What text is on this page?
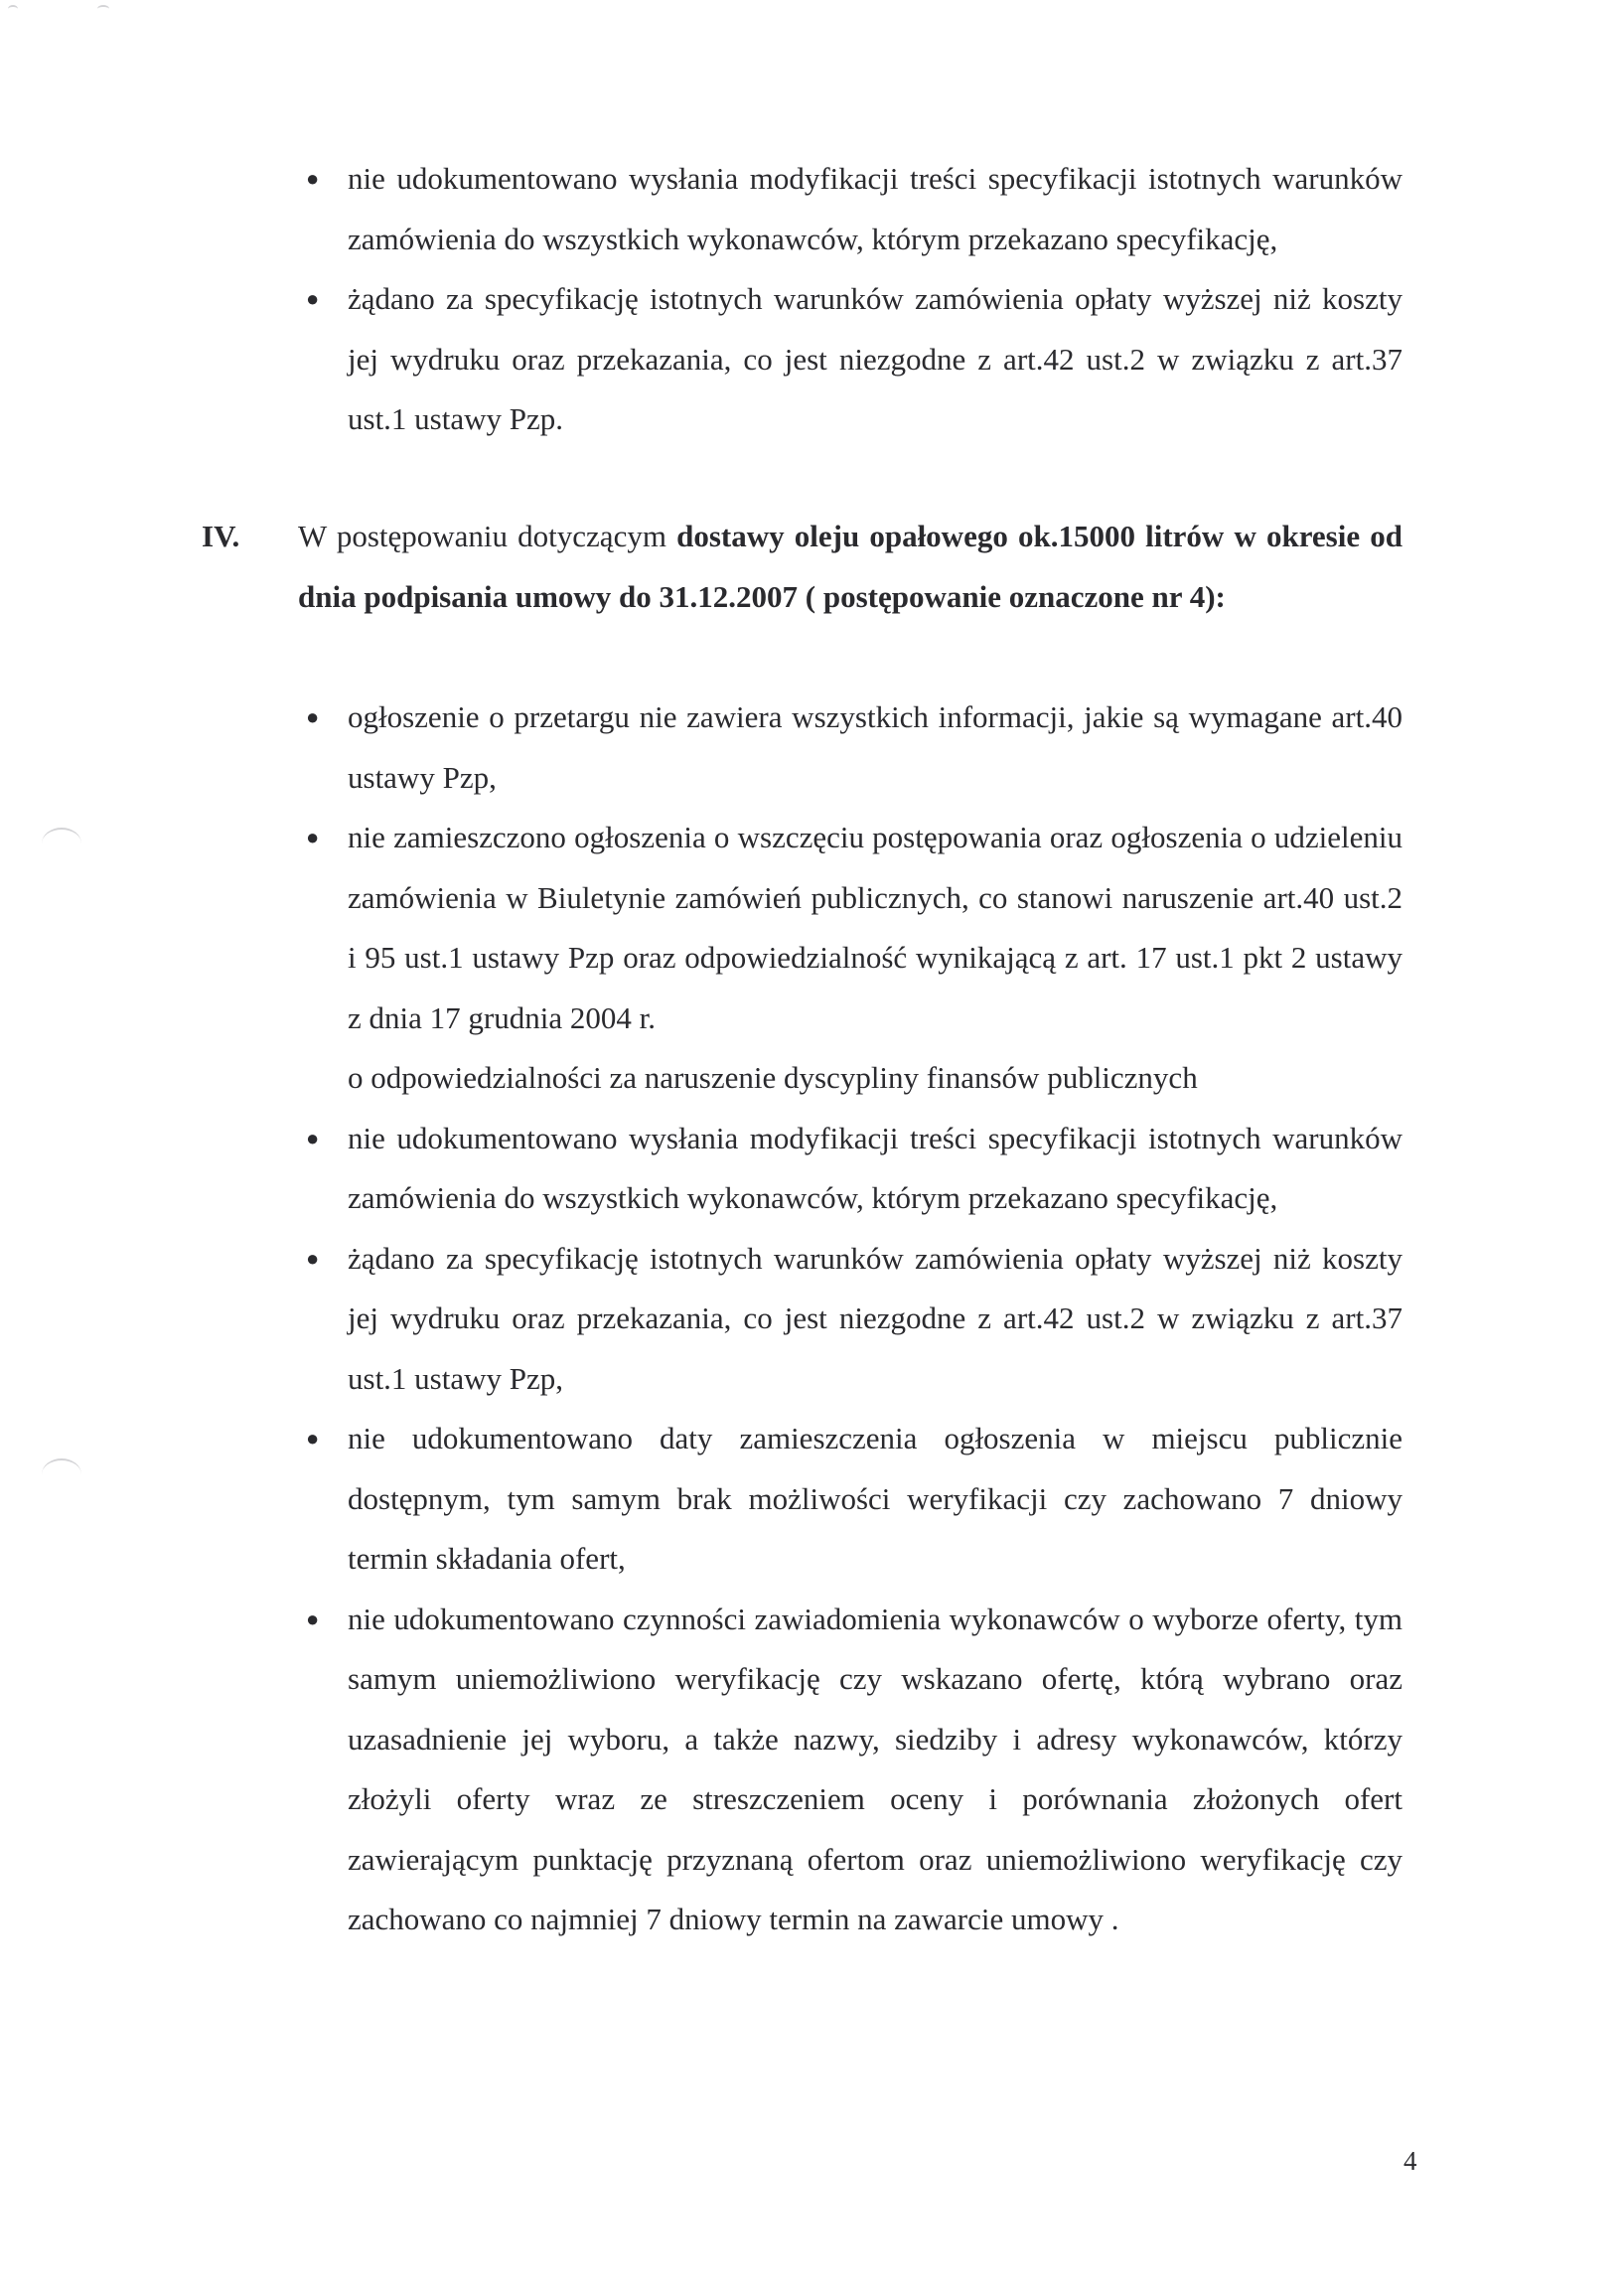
● nie udokumentowano wysłania modyfikacji treści specyfikacji istotnych warunków zamówienia do wszystkich wykonawców, którym przekazano specyfikację,

● żądano za specyfikację istotnych warunków zamówienia opłaty wyższej niż koszty jej wydruku oraz przekazania, co jest niezgodne z art.42 ust.2 w związku z art.37 ust.1 ustawy Pzp.

IV. W postępowaniu dotyczącym dostawy oleju opałowego ok.15000 litrów w okresie od dnia podpisania umowy do 31.12.2007 ( postępowanie oznaczone nr 4):

● ogłoszenie o przetargu nie zawiera wszystkich informacji, jakie są wymagane art.40 ustawy Pzp,

● nie zamieszczono ogłoszenia o wszczęciu postępowania oraz ogłoszenia o udzieleniu zamówienia w Biuletynie zamówień publicznych, co stanowi naruszenie art.40 ust.2 i 95 ust.1 ustawy Pzp oraz odpowiedzialność wynikającą z art. 17 ust.1 pkt 2 ustawy z dnia 17 grudnia 2004 r.

o odpowiedzialności za naruszenie dyscypliny finansów publicznych

● nie udokumentowano wysłania modyfikacji treści specyfikacji istotnych warunków zamówienia do wszystkich wykonawców, którym przekazano specyfikację,

● żądano za specyfikację istotnych warunków zamówienia opłaty wyższej niż koszty jej wydruku oraz przekazania, co jest niezgodne z art.42 ust.2 w związku z art.37 ust.1 ustawy Pzp,

● nie udokumentowano daty zamieszczenia ogłoszenia w miejscu publicznie dostępnym, tym samym brak możliwości weryfikacji czy zachowano 7 dniowy termin składania ofert,

● nie udokumentowano czynności zawiadomienia wykonawców o wyborze oferty, tym samym uniemożliwiono weryfikację czy wskazano ofertę, którą wybrano oraz uzasadnienie jej wyboru, a także nazwy, siedziby i adresy wykonawców, którzy złożyli oferty wraz ze streszczeniem oceny i porównania złożonych ofert zawierającym punktację przyznaną ofertom oraz uniemożliwiono weryfikację czy zachowano co najmniej 7 dniowy termin na zawarcie umowy .

4
